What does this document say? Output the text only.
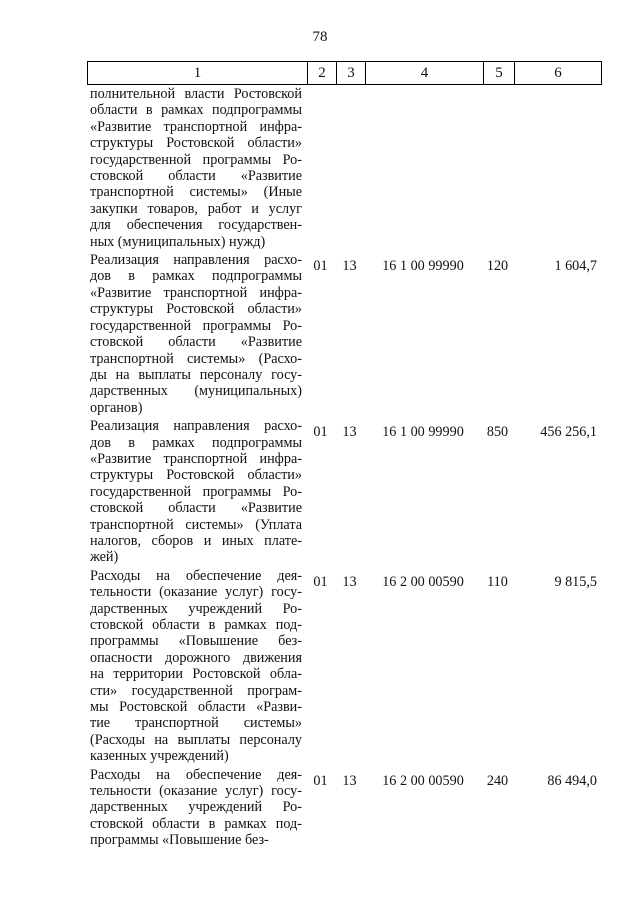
78
1	2	3	4	5	6
полнительной власти Ростовской
области в рамках подпрограммы
«Развитие транспортной инфра-
структуры Ростовской области»
государственной программы Ро-
стовской области «Развитие
транспортной системы» (Иные
закупки товаров, работ и услуг
для обеспечения государствен-
ных (муниципальных) нужд)
Реализация направления расхо-
дов в рамках подпрограммы
«Развитие транспортной инфра-
структуры Ростовской области»
государственной программы Ро-
стовской области «Развитие
транспортной системы» (Расхо-
ды на выплаты персоналу госу-
дарственных (муниципальных)
органов)
01	13	16 1 00 99990	120	1 604,7
Реализация направления расхо-
дов в рамках подпрограммы
«Развитие транспортной инфра-
структуры Ростовской области»
государственной программы Ро-
стовской области «Развитие
транспортной системы» (Уплата
налогов, сборов и иных плате-
жей)
01	13	16 1 00 99990	850	456 256,1
Расходы на обеспечение дея-
тельности (оказание услуг) госу-
дарственных учреждений Ро-
стовской области в рамках под-
программы «Повышение без-
опасности дорожного движения
на территории Ростовской обла-
сти» государственной програм-
мы Ростовской области «Разви-
тие транспортной системы»
(Расходы на выплаты персоналу
казенных учреждений)
01	13	16 2 00 00590	110	9 815,5
Расходы на обеспечение дея-
тельности (оказание услуг) госу-
дарственных учреждений Ро-
стовской области в рамках под-
программы «Повышение без-
01	13	16 2 00 00590	240	86 494,0
